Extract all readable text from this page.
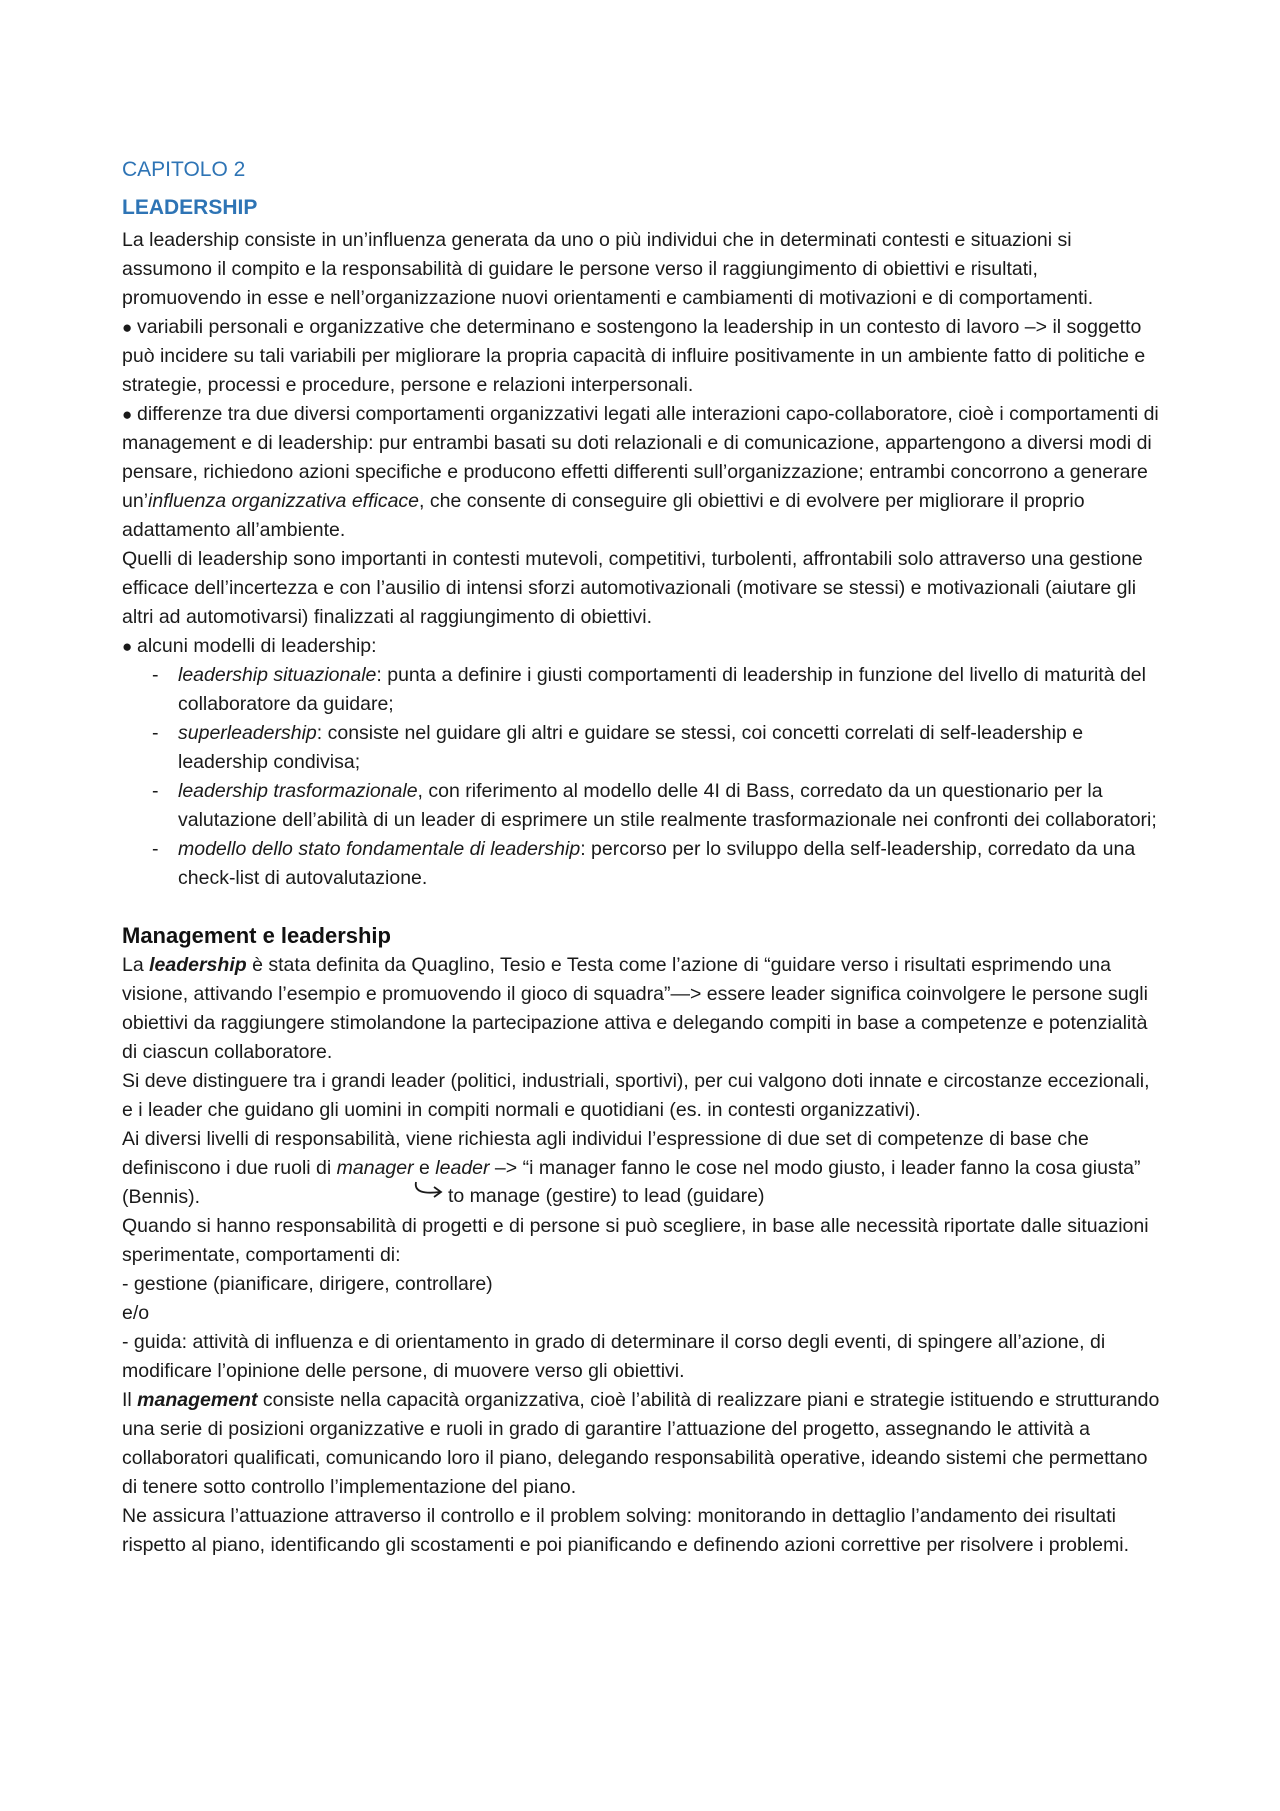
CAPITOLO 2
LEADERSHIP

La leadership consiste in un’influenza generata da uno o più individui che in determinati contesti e situazioni si assumono il compito e la responsabilità di guidare le persone verso il raggiungimento di obiettivi e risultati, promuovendo in esse e nell’organizzazione nuovi orientamenti e cambiamenti di motivazioni e di comportamenti.

● variabili personali e organizzative che determinano e sostengono la leadership in un contesto di lavoro –> il soggetto può incidere su tali variabili per migliorare la propria capacità di influire positivamente in un ambiente fatto di politiche e strategie, processi e procedure, persone e relazioni interpersonali.

● differenze tra due diversi comportamenti organizzativi legati alle interazioni capo-collaboratore, cioè i comportamenti di management e di leadership: pur entrambi basati su doti relazionali e di comunicazione, appartengono a diversi modi di pensare, richiedono azioni specifiche e producono effetti differenti sull’organizzazione; entrambi concorrono a generare un’influenza organizzativa efficace, che consente di conseguire gli obiettivi e di evolvere per migliorare il proprio adattamento all’ambiente.

Quelli di leadership sono importanti in contesti mutevoli, competitivi, turbolenti, affrontabili solo attraverso una gestione efficace dell’incertezza e con l’ausilio di intensi sforzi automotivazionali (motivare se stessi) e motivazionali (aiutare gli altri ad automotivarsi) finalizzati al raggiungimento di obiettivi.

● alcuni modelli di leadership:

- leadership situazionale: punta a definire i giusti comportamenti di leadership in funzione del livello di maturità del collaboratore da guidare;
- superleadership: consiste nel guidare gli altri e guidare se stessi, coi concetti correlati di self-leadership e leadership condivisa;
- leadership trasformazionale, con riferimento al modello delle 4I di Bass, corredato da un questionario per la valutazione dell’abilità di un leader di esprimere un stile realmente trasformazionale nei confronti dei collaboratori;
- modello dello stato fondamentale di leadership: percorso per lo sviluppo della self-leadership, corredato da una check-list di autovalutazione.
Management e leadership

La leadership è stata definita da Quaglino, Tesio e Testa come l’azione di “guidare verso i risultati esprimendo una visione, attivando l’esempio e promuovendo il gioco di squadra”—> essere leader significa coinvolgere le persone sugli obiettivi da raggiungere stimolandone la partecipazione attiva e delegando compiti in base a competenze e potenzialità di ciascun collaboratore.

Si deve distinguere tra i grandi leader (politici, industriali, sportivi), per cui valgono doti innate e circostanze eccezionali, e i leader che guidano gli uomini in compiti normali e quotidiani (es. in contesti organizzativi).

Ai diversi livelli di responsabilità, viene richiesta agli individui l’espressione di due set di competenze di base che definiscono i due ruoli di manager e leader –> “i manager fanno le cose nel modo giusto, i leader fanno la cosa giusta” (Bennis).	to manage (gestire) to lead (guidare)

Quando si hanno responsabilità di progetti e di persone si può scegliere, in base alle necessità riportate dalle situazioni sperimentate, comportamenti di:

- gestione (pianificare, dirigere, controllare)

e/o

- guida: attività di influenza e di orientamento in grado di determinare il corso degli eventi, di spingere all’azione, di modificare l’opinione delle persone, di muovere verso gli obiettivi.

Il management consiste nella capacità organizzativa, cioè l’abilità di realizzare piani e strategie istituendo e strutturando una serie di posizioni organizzative e ruoli in grado di garantire l’attuazione del progetto, assegnando le attività a collaboratori qualificati, comunicando loro il piano, delegando responsabilità operative, ideando sistemi che permettano di tenere sotto controllo l’implementazione del piano.

Ne assicura l’attuazione attraverso il controllo e il problem solving: monitorando in dettaglio l’andamento dei risultati rispetto al piano, identificando gli scostamenti e poi pianificando e definendo azioni correttive per risolvere i problemi.
